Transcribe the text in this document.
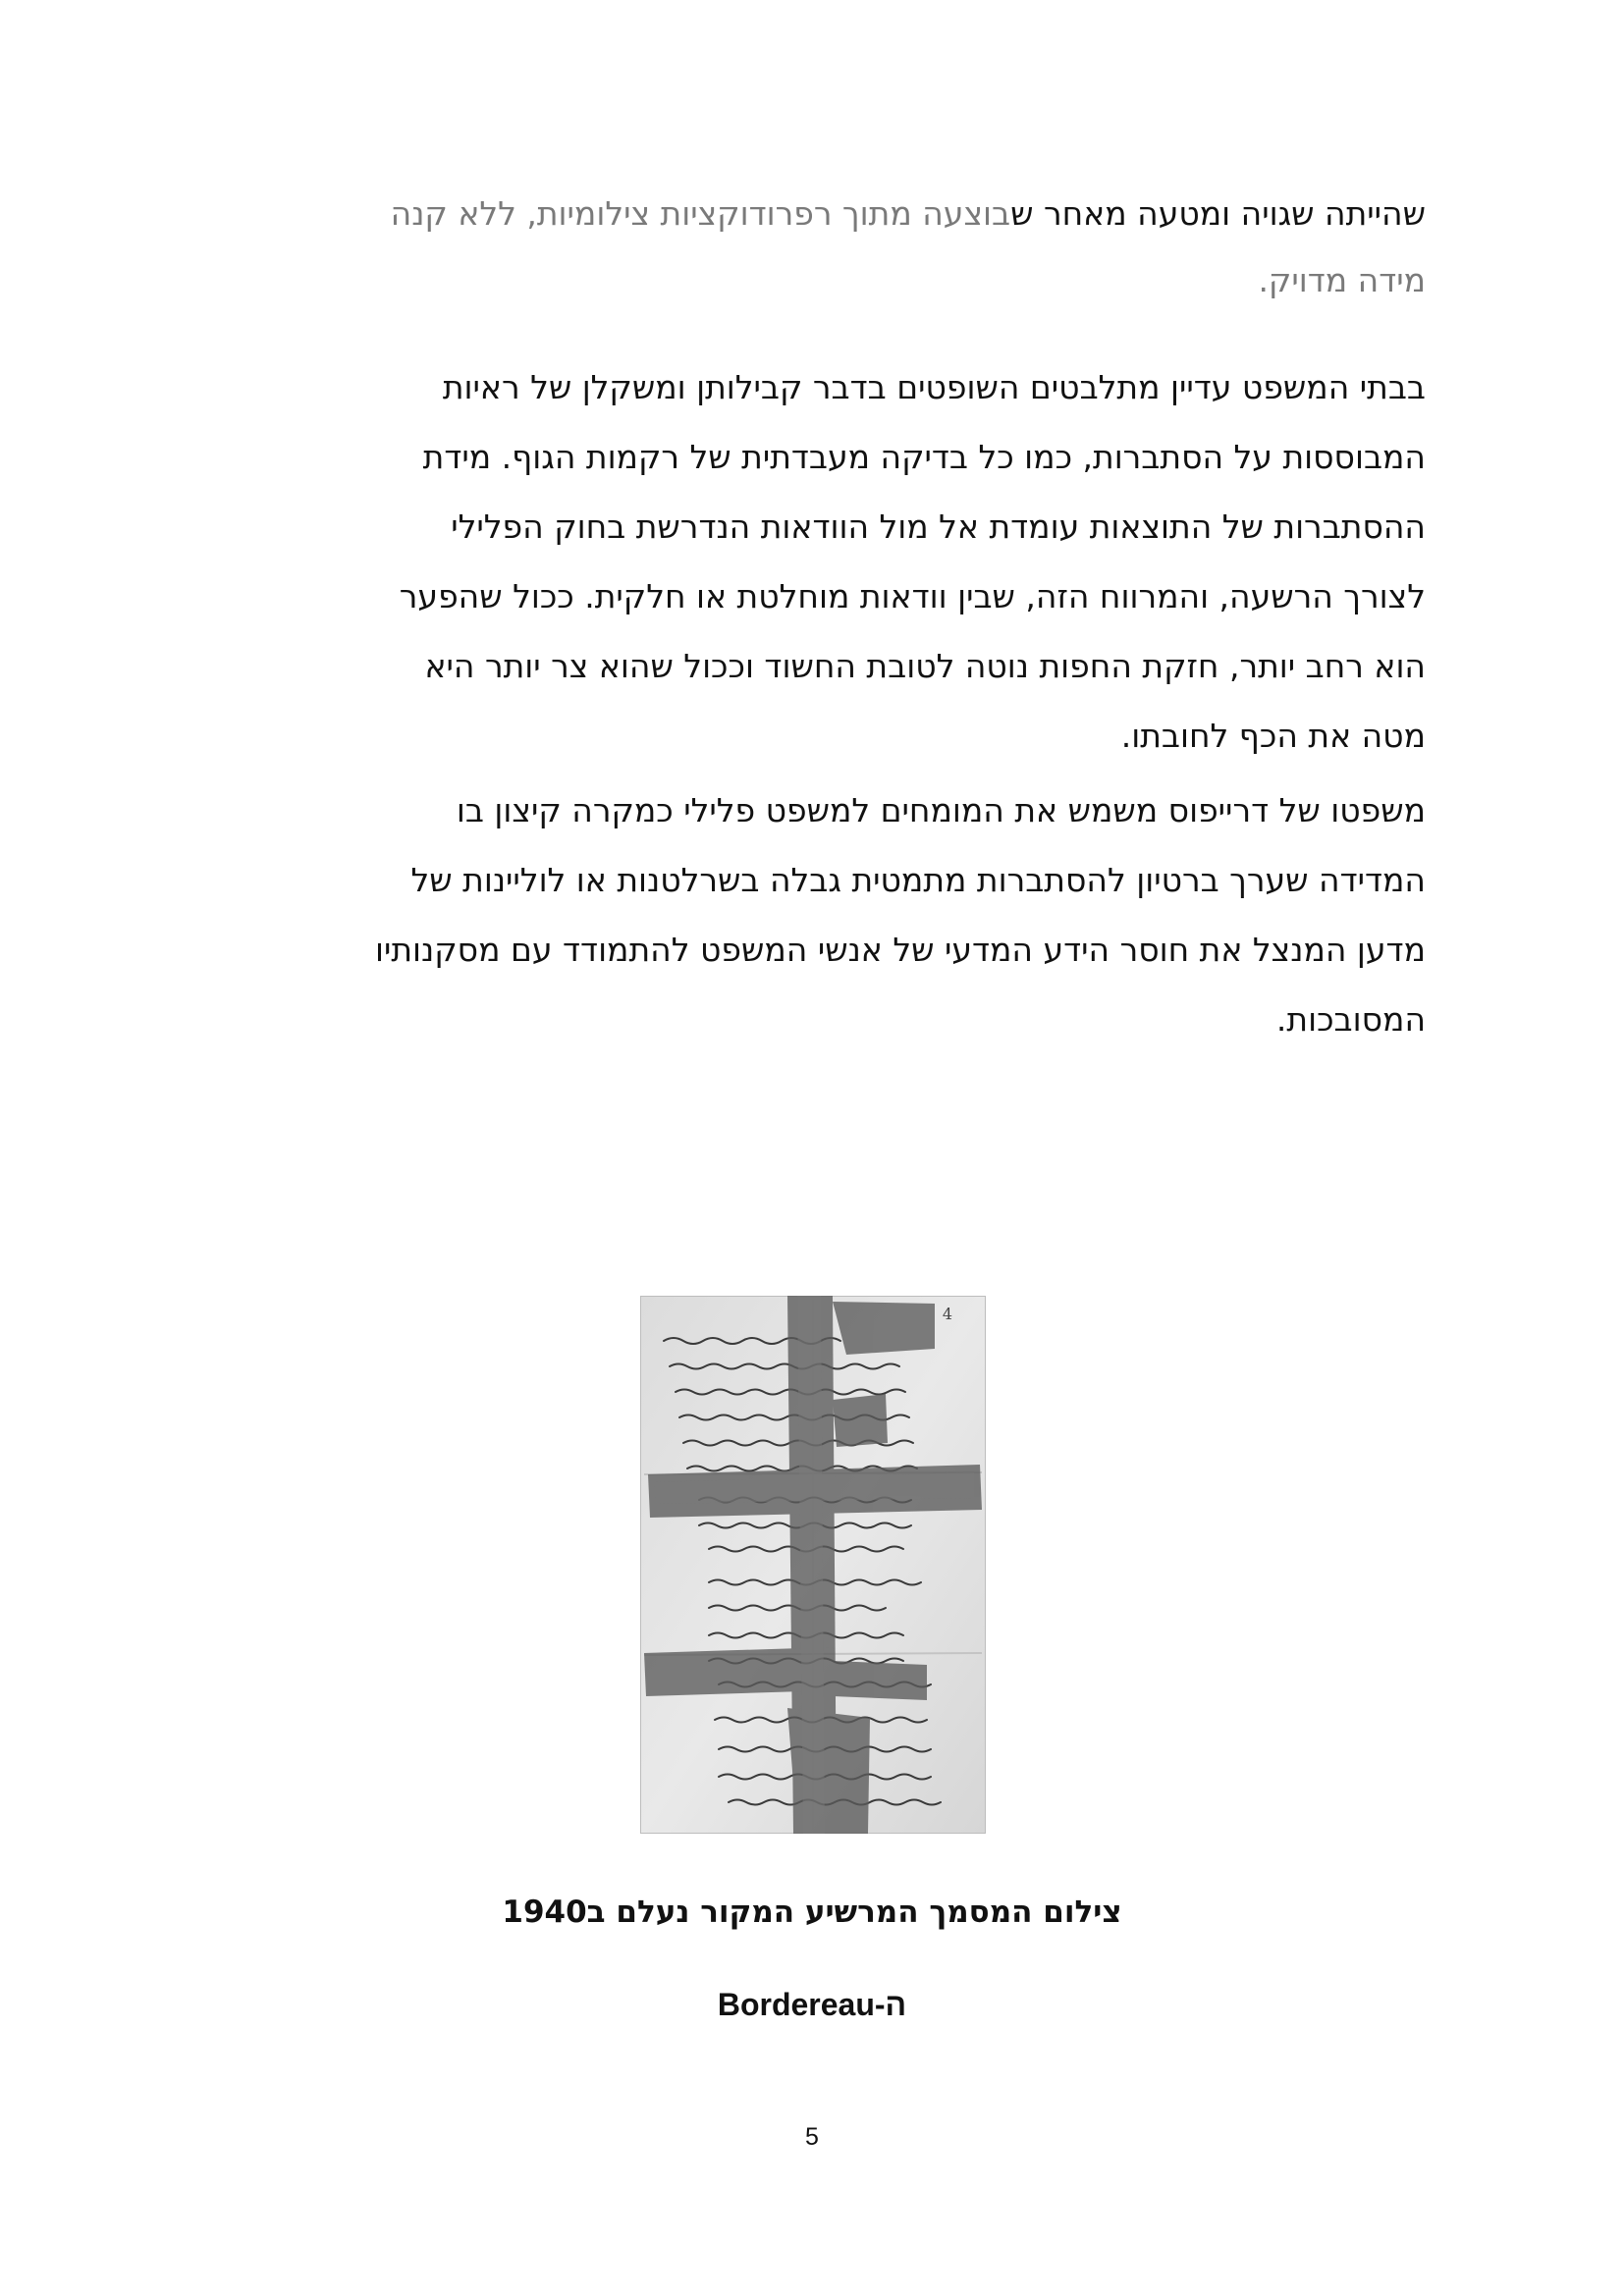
שהייתה שגויה ומטעה מאחר שבוצעה מתוך רפרודוקציות צילומיות, ללא קנה
מידה מדויק.
בבתי המשפט עדיין מתלבטים השופטים בדבר קבילותן ומשקלן של ראיות
המבוססות על הסתברות, כמו כל בדיקה מעבדתית של רקמות הגוף. מידת
ההסתברות של התוצאות עומדת אל מול הוודאות הנדרשת בחוק הפלילי
לצורך הרשעה, והמרווח הזה, שבין וודאות מוחלטת או חלקית. ככול שהפער
הוא רחב יותר, חזקת החפות נוטה לטובת החשוד וככול שהוא צר יותר היא
מטה את הכף לחובתו.
משפטו של דרייפוס משמש את המומחים למשפט פלילי כמקרה קיצון בו
המדידה שערך ברטיון להסתברות מתמטית גבלה בשרלטנות או לוליינות של
מדען המנצל את חוסר הידע המדעי של אנשי המשפט להתמודד עם מסקנותיו
המסובכות.
4
צילום המסמך המרשיע המקור נעלם ב1940
ה-Bordereau
5
